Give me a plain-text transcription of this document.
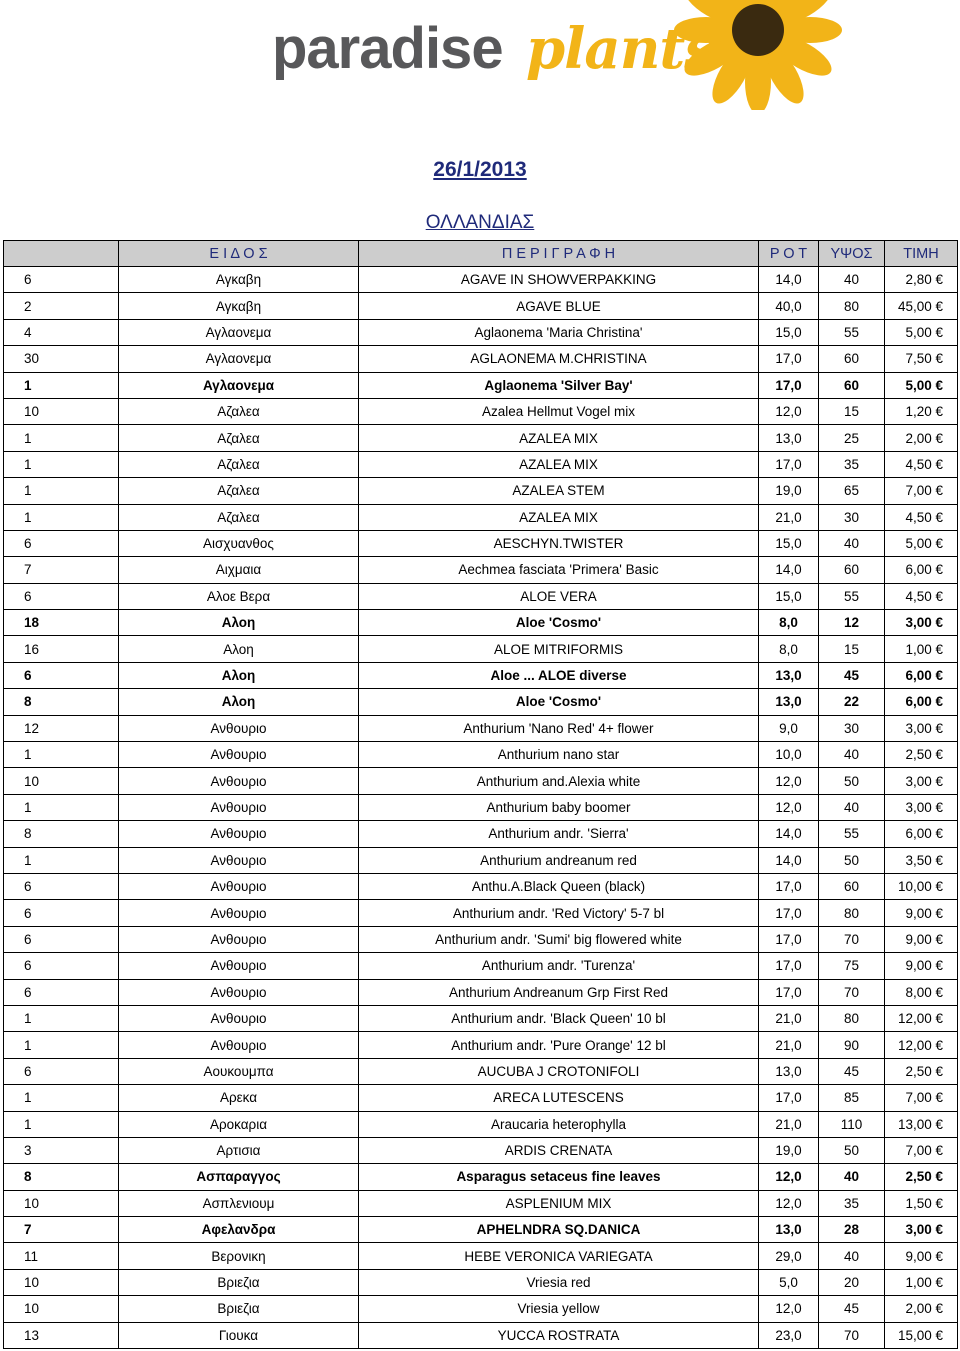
paradise plants
26/1/2013
ΟΛΛΑΝΔΙΑΣ
	Ε Ι Δ Ο Σ	Π Ε Ρ Ι Γ Ρ Α Φ Η	Ρ Ο Τ	ΥΨΟΣ	ΤΙΜΗ
6	Αγκαβη	AGAVE IN SHOWVERPAKKING	14,0	40	2,80 €
2	Αγκαβη	AGAVE BLUE	40,0	80	45,00 €
4	Αγλαονεμα	Aglaonema 'Maria Christina'	15,0	55	5,00 €
30	Αγλαονεμα	AGLAONEMA M.CHRISTINA	17,0	60	7,50 €
1	Αγλαονεμα	Aglaonema 'Silver Bay'	17,0	60	5,00 €
10	Αζαλεα	Azalea Hellmut Vogel mix	12,0	15	1,20 €
1	Αζαλεα	AZALEA MIX	13,0	25	2,00 €
1	Αζαλεα	AZALEA MIX	17,0	35	4,50 €
1	Αζαλεα	AZALEA STEM	19,0	65	7,00 €
1	Αζαλεα	AZALEA MIX	21,0	30	4,50 €
6	Αισχυανθος	AESCHYN.TWISTER	15,0	40	5,00 €
7	Αιχμαια	Aechmea fasciata 'Primera' Basic	14,0	60	6,00 €
6	Αλοε Βερα	ALOE VERA	15,0	55	4,50 €
18	Αλοη	Aloe 'Cosmo'	8,0	12	3,00 €
16	Αλοη	ALOE MITRIFORMIS	8,0	15	1,00 €
6	Αλοη	Aloe ... ALOE diverse	13,0	45	6,00 €
8	Αλοη	Aloe 'Cosmo'	13,0	22	6,00 €
12	Ανθουριο	Anthurium 'Nano Red' 4+ flower	9,0	30	3,00 €
1	Ανθουριο	Anthurium nano star	10,0	40	2,50 €
10	Ανθουριο	Anthurium and.Alexia white	12,0	50	3,00 €
1	Ανθουριο	Anthurium baby boomer	12,0	40	3,00 €
8	Ανθουριο	Anthurium andr. 'Sierra'	14,0	55	6,00 €
1	Ανθουριο	Anthurium andreanum red	14,0	50	3,50 €
6	Ανθουριο	Anthu.A.Black Queen (black)	17,0	60	10,00 €
6	Ανθουριο	Anthurium andr. 'Red Victory' 5-7 bl	17,0	80	9,00 €
6	Ανθουριο	Anthurium andr. 'Sumi' big flowered white	17,0	70	9,00 €
6	Ανθουριο	Anthurium andr. 'Turenza'	17,0	75	9,00 €
6	Ανθουριο	Anthurium Andreanum Grp First Red	17,0	70	8,00 €
1	Ανθουριο	Anthurium andr. 'Black Queen' 10 bl	21,0	80	12,00 €
1	Ανθουριο	Anthurium andr. 'Pure Orange' 12 bl	21,0	90	12,00 €
6	Αουκουμπα	AUCUBA J CROTONIFOLI	13,0	45	2,50 €
1	Αρεκα	ARECA LUTESCENS	17,0	85	7,00 €
1	Αροκαρια	Araucaria heterophylla	21,0	110	13,00 €
3	Αρτισια	ARDIS CRENATA	19,0	50	7,00 €
8	Ασπαραγγος	Asparagus setaceus fine leaves	12,0	40	2,50 €
10	Ασπλενιουμ	ASPLENIUM MIX	12,0	35	1,50 €
7	Αφελανδρα	APHELNDRA SQ.DANICA	13,0	28	3,00 €
11	Βερονικη	HEBE VERONICA VARIEGATA	29,0	40	9,00 €
10	Βριεζια	Vriesia red	5,0	20	1,00 €
10	Βριεζια	Vriesia yellow	12,0	45	2,00 €
13	Γιουκα	YUCCA ROSTRATA	23,0	70	15,00 €
